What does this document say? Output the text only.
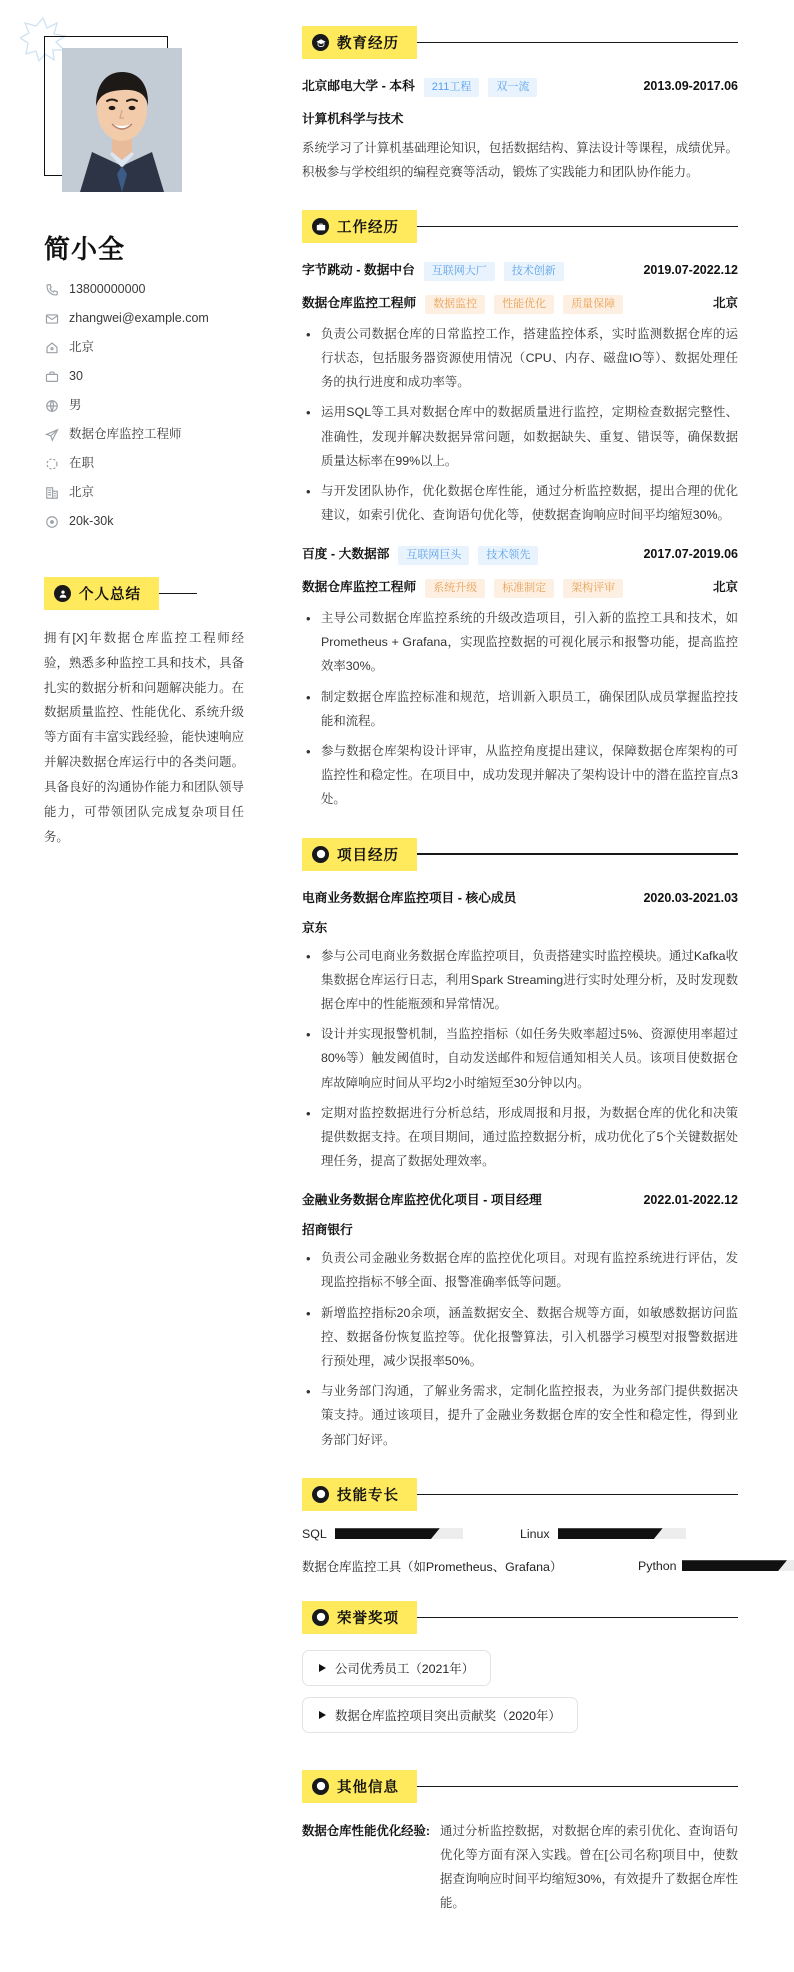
简小全
13800000000
zhangwei@example.com
北京
30
男
数据仓库监控工程师
在职
北京
20k-30k
个人总结

拥有[X]年数据仓库监控工程师经验，熟悉多种监控工具和技术，具备扎实的数据分析和问题解决能力。在数据质量监控、性能优化、系统升级等方面有丰富实践经验，能快速响应并解决数据仓库运行中的各类问题。具备良好的沟通协作能力和团队领导能力，可带领团队完成复杂项目任务。

教育经历
北京邮电大学 - 本科	211工程	双一流	2013.09-2017.06
计算机科学与技术

系统学习了计算机基础理论知识，包括数据结构、算法设计等课程，成绩优异。积极参与学校组织的编程竞赛等活动，锻炼了实践能力和团队协作能力。

工作经历
字节跳动 - 数据中台	互联网大厂	技术创新	2019.07-2022.12
数据仓库监控工程师	数据监控	性能优化	质量保障	北京
• 负责公司数据仓库的日常监控工作，搭建监控体系，实时监测数据仓库的运行状态，包括服务器资源使用情况（CPU、内存、磁盘IO等）、数据处理任务的执行进度和成功率等。
• 运用SQL等工具对数据仓库中的数据质量进行监控，定期检查数据完整性、准确性，发现并解决数据异常问题，如数据缺失、重复、错误等，确保数据质量达标率在99%以上。
• 与开发团队协作，优化数据仓库性能，通过分析监控数据，提出合理的优化建议，如索引优化、查询语句优化等，使数据查询响应时间平均缩短30%。
百度 - 大数据部	互联网巨头	技术领先	2017.07-2019.06
数据仓库监控工程师	系统升级	标准制定	架构评审	北京
• 主导公司数据仓库监控系统的升级改造项目，引入新的监控工具和技术，如Prometheus + Grafana，实现监控数据的可视化展示和报警功能，提高监控效率30%。
• 制定数据仓库监控标准和规范，培训新入职员工，确保团队成员掌握监控技能和流程。
• 参与数据仓库架构设计评审，从监控角度提出建议，保障数据仓库架构的可监控性和稳定性。在项目中，成功发现并解决了架构设计中的潜在监控盲点3处。
项目经历
电商业务数据仓库监控项目 - 核心成员	2020.03-2021.03
京东
• 参与公司电商业务数据仓库监控项目，负责搭建实时监控模块。通过Kafka收集数据仓库运行日志，利用Spark Streaming进行实时处理分析，及时发现数据仓库中的性能瓶颈和异常情况。
• 设计并实现报警机制，当监控指标（如任务失败率超过5%、资源使用率超过80%等）触发阈值时，自动发送邮件和短信通知相关人员。该项目使数据仓库故障响应时间从平均2小时缩短至30分钟以内。
• 定期对监控数据进行分析总结，形成周报和月报，为数据仓库的优化和决策提供数据支持。在项目期间，通过监控数据分析，成功优化了5个关键数据处理任务，提高了数据处理效率。
金融业务数据仓库监控优化项目 - 项目经理	2022.01-2022.12
招商银行
• 负责公司金融业务数据仓库的监控优化项目。对现有监控系统进行评估，发现监控指标不够全面、报警准确率低等问题。
• 新增监控指标20余项，涵盖数据安全、数据合规等方面，如敏感数据访问监控、数据备份恢复监控等。优化报警算法，引入机器学习模型对报警数据进行预处理，减少误报率50%。
• 与业务部门沟通，了解业务需求，定制化监控报表，为业务部门提供数据决策支持。通过该项目，提升了金融业务数据仓库的安全性和稳定性，得到业务部门好评。
技能专长
SQL	Linux
数据仓库监控工具（如Prometheus、Grafana）	Python
荣誉奖项
公司优秀员工（2021年）
数据仓库监控项目突出贡献奖（2020年）
其他信息
数据仓库性能优化经验: 通过分析监控数据，对数据仓库的索引优化、查询语句优化等方面有深入实践。曾在[公司名称]项目中，使数据查询响应时间平均缩短30%，有效提升了数据仓库性能。
